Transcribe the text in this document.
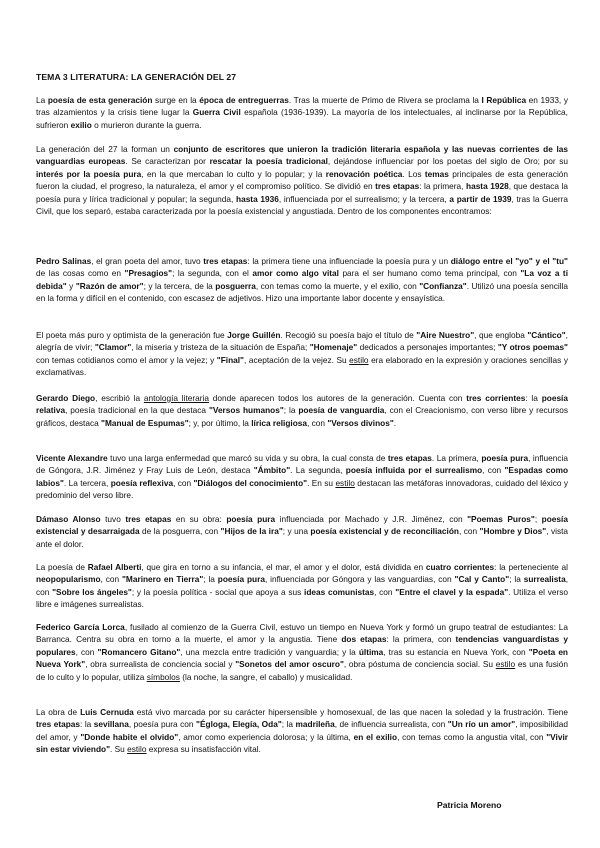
TEMA 3 LITERATURA: LA GENERACIÓN DEL 27

La poesía de esta generación surge en la época de entreguerras. Tras la muerte de Primo de Rivera se proclama la I República en 1933, y tras alzamientos y la crisis tiene lugar la Guerra Civil española (1936-1939). La mayoría de los intelectuales, al inclinarse por la República, sufrieron exilio o murieron durante la guerra.

La generación del 27 la forman un conjunto de escritores que unieron la tradición literaria española y las nuevas corrientes de las vanguardias europeas. Se caracterizan por rescatar la poesía tradicional, dejándose influenciar por los poetas del siglo de Oro; por su interés por la poesía pura, en la que mercaban lo culto y lo popular; y la renovación poética. Los temas principales de esta generación fueron la ciudad, el progreso, la naturaleza, el amor y el compromiso político. Se dividió en tres etapas: la primera, hasta 1928, que destaca la poesía pura y lírica tradicional y popular; la segunda, hasta 1936, influenciada por el surrealismo; y la tercera, a partir de 1939, tras la Guerra Civil, que los separó, estaba caracterizada por la poesía existencial y angustiada. Dentro de los componentes encontramos:

Pedro Salinas, el gran poeta del amor, tuvo tres etapas: la primera tiene una influenciade la poesía pura y un diálogo entre el "yo" y el "tu" de las cosas como en "Presagios"; la segunda, con el amor como algo vital para el ser humano como tema principal, con "La voz a ti debida" y "Razón de amor"; y la tercera, de la posguerra, con temas como la muerte, y el exilio, con "Confianza". Utilizó una poesía sencilla en la forma y difícil en el contenido, con escasez de adjetivos. Hizo una importante labor docente y ensayística.

El poeta más puro y optimista de la generación fue Jorge Guillén. Recogió su poesía bajo el título de "Aire Nuestro", que engloba "Cántico", alegría de vivir; "Clamor", la miseria y tristeza de la situación de España; "Homenaje" dedicados a personajes importantes; "Y otros poemas" con temas cotidianos como el amor y la vejez; y "Final", aceptación de la vejez. Su estilo era elaborado en la expresión y oraciones sencillas y exclamativas.

Gerardo Diego, escribió la antología literaria donde aparecen todos los autores de la generación. Cuenta con tres corrientes: la poesía relativa, poesía tradicional en la que destaca "Versos humanos"; la poesía de vanguardia, con el Creacionismo, con verso libre y recursos gráficos, destaca "Manual de Espumas"; y, por último, la lírica religiosa, con "Versos divinos".

Vicente Alexandre tuvo una larga enfermedad que marcó su vida y su obra, la cual consta de tres etapas. La primera, poesía pura, influencia de Góngora, J.R. Jiménez y Fray Luis de León, destaca "Ámbito". La segunda, poesía influida por el surrealismo, con "Espadas como labios". La tercera, poesía reflexiva, con "Diálogos del conocimiento". En su estilo destacan las metáforas innovadoras, cuidado del léxico y predominio del verso libre.

Dámaso Alonso tuvo tres etapas en su obra: poesía pura influenciada por Machado y J.R. Jiménez, con "Poemas Puros"; poesía existencial y desarraigada de la posguerra, con "Hijos de la ira"; y una poesía existencial y de reconciliación, con "Hombre y Dios", vista ante el dolor.

La poesía de Rafael Alberti, que gira en torno a su infancia, el mar, el amor y el dolor, está dividida en cuatro corrientes: la perteneciente al neopopularismo, con "Marinero en Tierra"; la poesía pura, influenciada por Góngora y las vanguardias, con "Cal y Canto"; la surrealista, con "Sobre los ángeles"; y la poesía política - social que apoya a sus ideas comunistas, con "Entre el clavel y la espada". Utiliza el verso libre e imágenes surrealistas.

Federico García Lorca, fusilado al comienzo de la Guerra Civil, estuvo un tiempo en Nueva York y formó un grupo teatral de estudiantes: La Barranca. Centra su obra en torno a la muerte, el amor y la angustia. Tiene dos etapas: la primera, con tendencias vanguardistas y populares, con "Romancero Gitano", una mezcla entre tradición y vanguardia; y la última, tras su estancia en Nueva York, con "Poeta en Nueva York", obra surrealista de conciencia social y "Sonetos del amor oscuro", obra póstuma de conciencia social. Su estilo es una fusión de lo culto y lo popular, utiliza símbolos (la noche, la sangre, el caballo) y musicalidad.

La obra de Luis Cernuda está vivo marcada por su carácter hipersensible y homosexual, de las que nacen la soledad y la frustración. Tiene tres etapas: la sevillana, poesía pura con "Égloga, Elegía, Oda"; la madrileña, de influencia surrealista, con "Un río un amor", imposibilidad del amor, y "Donde habite el olvido", amor como experiencia dolorosa; y la última, en el exilio, con temas como la angustia vital, con "Vivir sin estar viviendo". Su estilo expresa su insatisfacción vital.

Patricia Moreno
